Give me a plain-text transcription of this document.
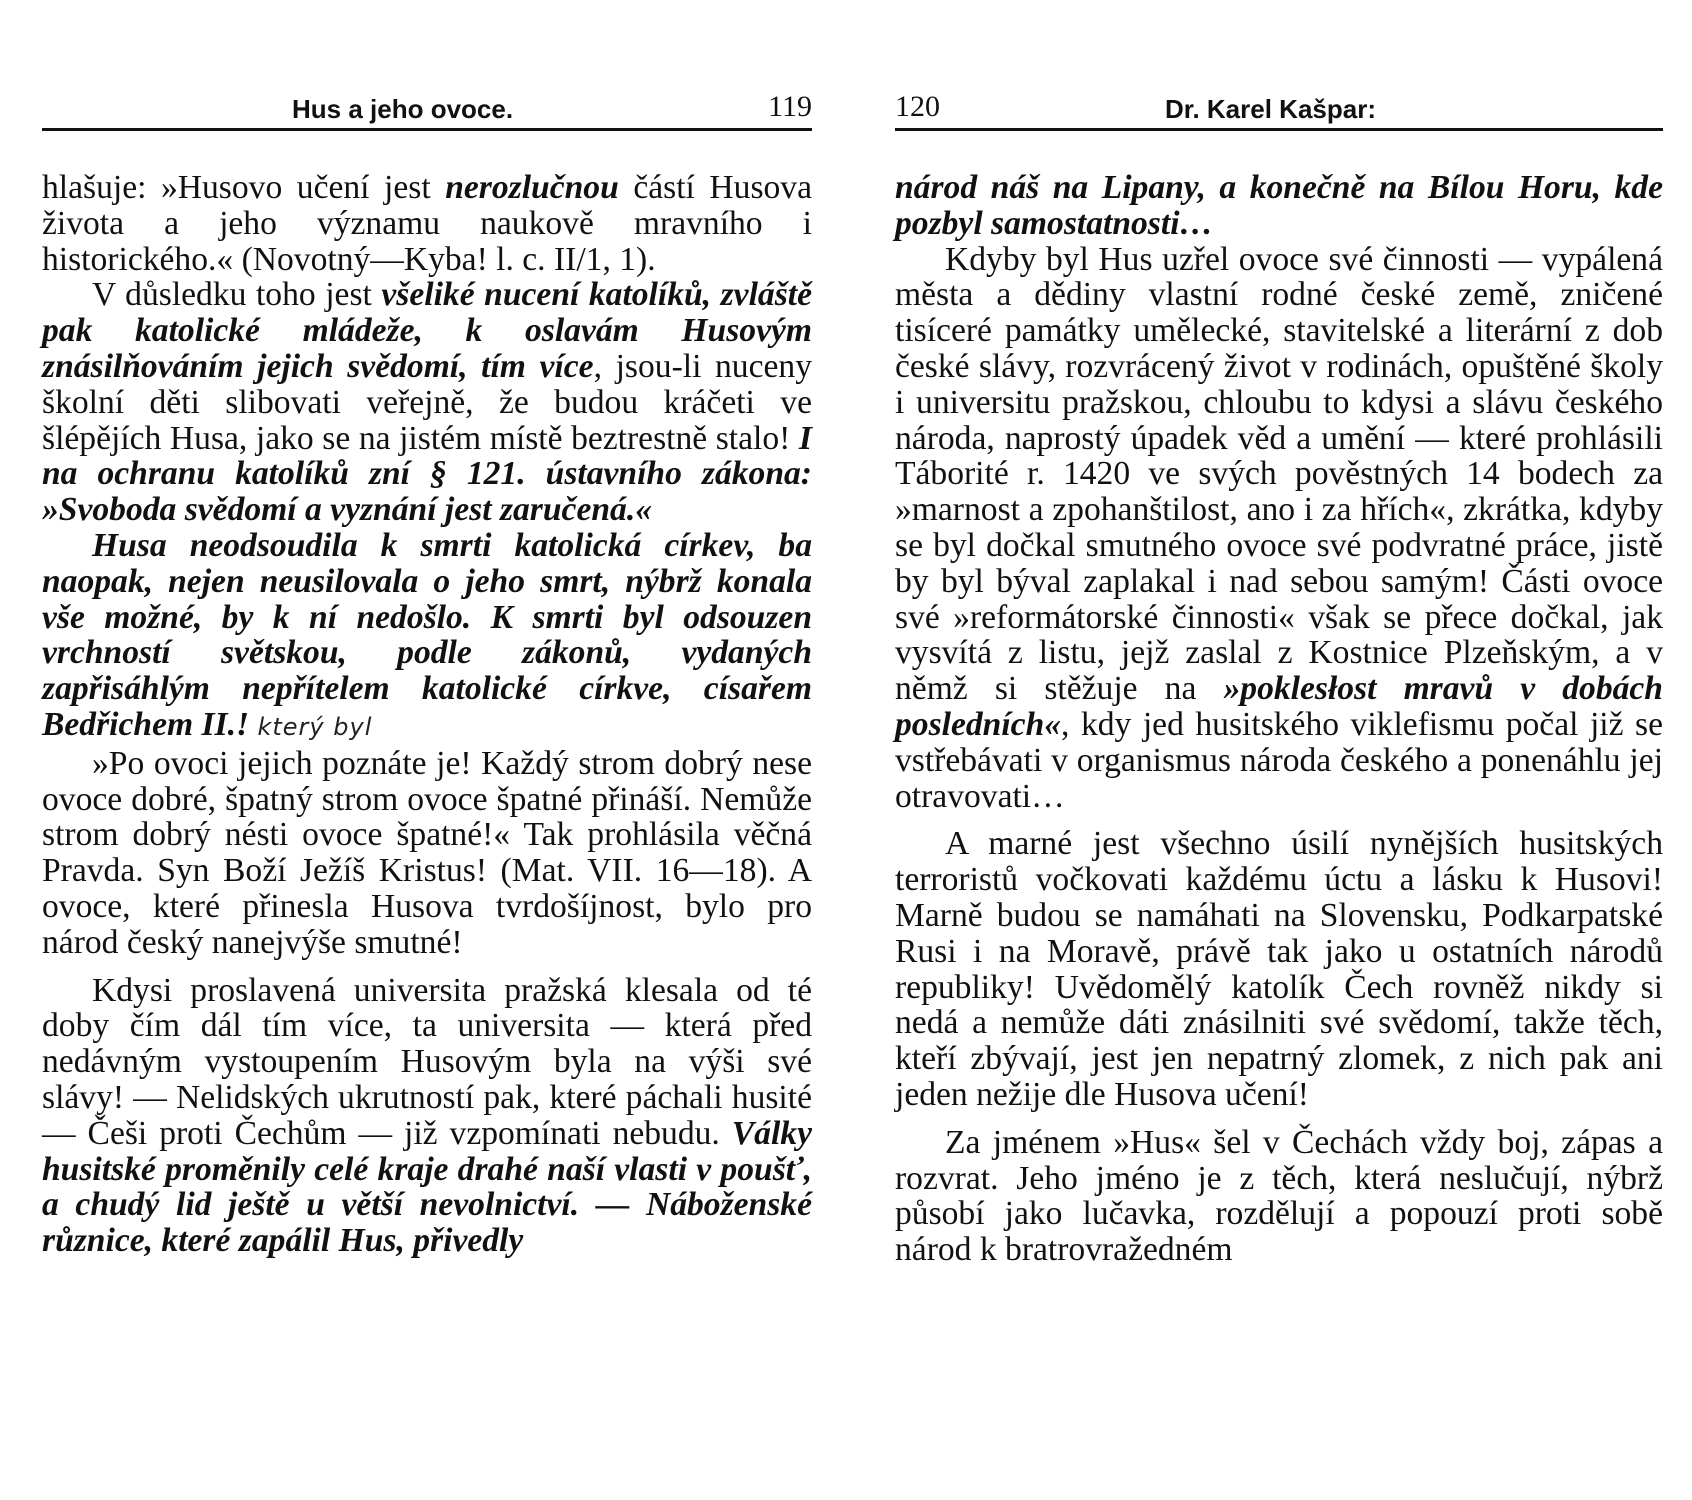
Hus a jeho ovoce.	119

hlašuje: »Husovo učení jest nerozlučnou částí Husova života a jeho významu naukově mravního i historického.« (Novotný—Kyba! l. c. II/1, 1).

V důsledku toho jest všeliké nucení katolíků, zvláště pak katolické mládeže, k oslavám Husovým znásilňováním jejich svědomí, tím více, jsou-li nuceny školní děti slibovati veřejně, že budou kráčeti ve šlépějích Husa, jako se na jistém místě beztrestně stalo! I na ochranu katolíků zní § 121. ústavního zákona: »Svoboda svědomí a vyznání jest zaručená.«

Husa neodsoudila k smrti katolická církev, ba naopak, nejen neusilovala o jeho smrt, nýbrž konala vše možné, by k ní nedošlo. K smrti byl odsouzen vrchností světskou, podle zákonů, vydaných zapřisáhlým nepřítelem katolické církve, císařem Bedřichem II.! který byl

»Po ovoci jejich poznáte je! Každý strom dobrý nese ovoce dobré, špatný strom ovoce špatné přináší. Nemůže strom dobrý nésti ovoce špatné!« Tak prohlásila věčná Pravda. Syn Boží Ježíš Kristus! (Mat. VII. 16—18). A ovoce, které přinesla Husova tvrdošíjnost, bylo pro národ český nanejvýše smutné!

Kdysi proslavená universita pražská klesala od té doby čím dál tím více, ta universita — která před nedávným vystoupením Husovým byla na výši své slávy! — Nelidských ukrutností pak, které páchali husité — Češi proti Čechům — již vzpomínati nebudu. Války husitské proměnily celé kraje drahé naší vlasti v poušť, a chudý lid ještě u větší nevolnictví. — Náboženské různice, které zapálil Hus, přivedly

120	Dr. Karel Kašpar:

národ náš na Lipany, a konečně na Bílou Horu, kde pozbyl samostatnosti…

Kdyby byl Hus uzřel ovoce své činnosti — vypálená města a dědiny vlastní rodné české země, zničené tisíceré památky umělecké, stavitelské a literární z dob české slávy, rozvrácený život v rodinách, opuštěné školy i universitu pražskou, chloubu to kdysi a slávu českého národa, naprostý úpadek věd a umění — které prohlásili Táborité r. 1420 ve svých pověstných 14 bodech za »marnost a zpohanštilost, ano i za hřích«, zkrátka, kdyby se byl dočkal smutného ovoce své podvratné práce, jistě by byl býval zaplakal i nad sebou samým! Části ovoce své »reformátorské činnosti« však se přece dočkal, jak vysvítá z listu, jejž zaslal z Kostnice Plzeňským, a v němž si stěžuje na »poklesłost mravů v dobách posledních«, kdy jed husitského viklefismu počal již se vstřebávati v organismus národa českého a ponenáhlu jej otravovati…

A marné jest všechno úsilí nynějších husitských terroristů vočkovati každému úctu a lásku k Husovi! Marně budou se namáhati na Slovensku, Podkarpatské Rusi i na Moravě, právě tak jako u ostatních národů republiky! Uvědomělý katolík Čech rovněž nikdy si nedá a nemůže dáti znásilniti své svědomí, takže těch, kteří zbývají, jest jen nepatrný zlomek, z nich pak ani jeden nežije dle Husova učení!

Za jménem »Hus« šel v Čechách vždy boj, zápas a rozvrat. Jeho jméno je z těch, která neslučují, nýbrž působí jako lučavka, rozdělují a popouzí proti sobě národ k bratrovražedném
